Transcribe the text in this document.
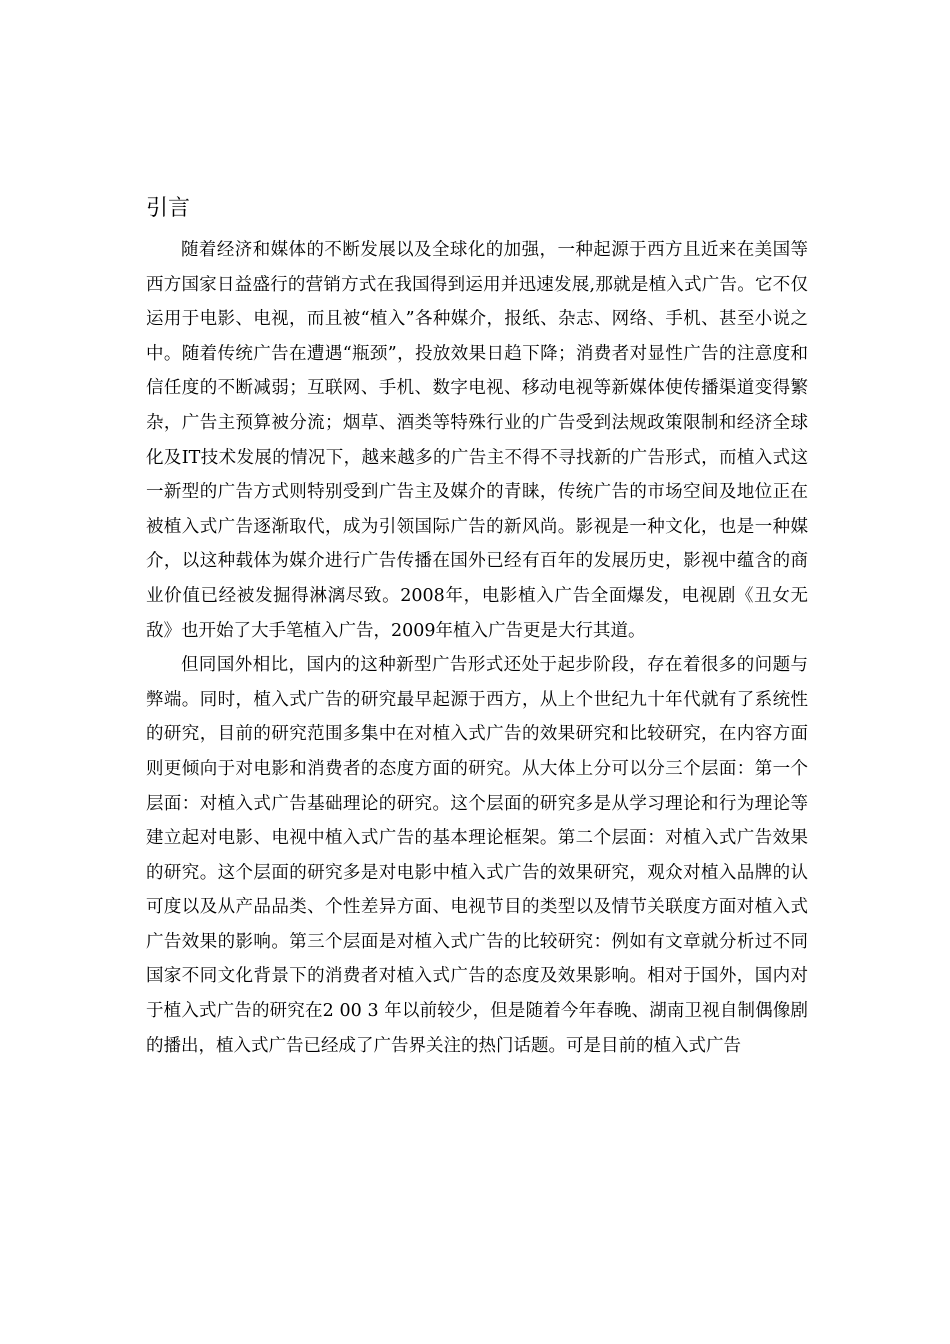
引言

随着经济和媒体的不断发展以及全球化的加强，一种起源于西方且近来在美国等西方国家日益盛行的营销方式在我国得到运用并迅速发展,那就是植入式广告。它不仅运用于电影、电视，而且被“植入”各种媒介，报纸、杂志、网络、手机、甚至小说之中。随着传统广告在遭遇“瓶颈”，投放效果日趋下降；消费者对显性广告的注意度和信任度的不断减弱；互联网、手机、数字电视、移动电视等新媒体使传播渠道变得繁杂，广告主预算被分流；烟草、酒类等特殊行业的广告受到法规政策限制和经济全球化及IT技术发展的情况下，越来越多的广告主不得不寻找新的广告形式，而植入式这一新型的广告方式则特别受到广告主及媒介的青睐，传统广告的市场空间及地位正在被植入式广告逐渐取代，成为引领国际广告的新风尚。影视是一种文化，也是一种媒介，以这种载体为媒介进行广告传播在国外已经有百年的发展历史，影视中蕴含的商业价值已经被发掘得淋漓尽致。2008年，电影植入广告全面爆发，电视剧《丑女无敌》也开始了大手笔植入广告，2009年植入广告更是大行其道。

但同国外相比，国内的这种新型广告形式还处于起步阶段，存在着很多的问题与弊端。同时，植入式广告的研究最早起源于西方，从上个世纪九十年代就有了系统性的研究，目前的研究范围多集中在对植入式广告的效果研究和比较研究，在内容方面则更倾向于对电影和消费者的态度方面的研究。从大体上分可以分三个层面：第一个层面：对植入式广告基础理论的研究。这个层面的研究多是从学习理论和行为理论等建立起对电影、电视中植入式广告的基本理论框架。第二个层面：对植入式广告效果的研究。这个层面的研究多是对电影中植入式广告的效果研究，观众对植入品牌的认可度以及从产品品类、个性差异方面、电视节目的类型以及情节关联度方面对植入式广告效果的影响。第三个层面是对植入式广告的比较研究：例如有文章就分析过不同国家不同文化背景下的消费者对植入式广告的态度及效果影响。相对于国外，国内对于植入式广告的研究在2 00 3 年以前较少，但是随着今年春晚、湖南卫视自制偶像剧的播出，植入式广告已经成了广告界关注的热门话题。可是目前的植入式广告
